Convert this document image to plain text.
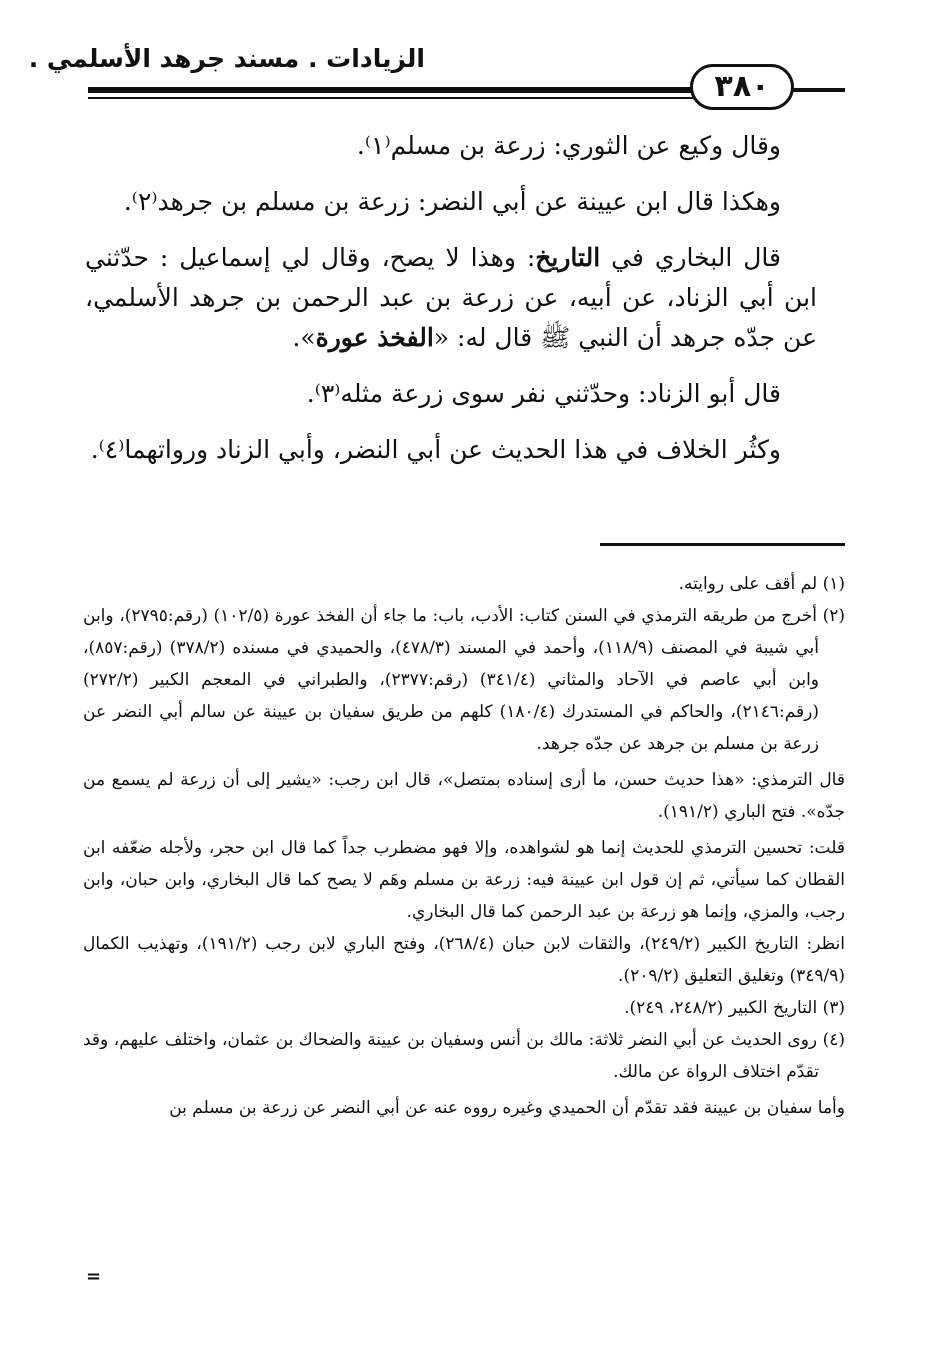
الزيادات . مسند جرهد الأسلمي .
٣٨٠

وقال وكيع عن الثوري: زرعة بن مسلم⁽١⁾.

وهكذا قال ابن عيينة عن أبي النضر: زرعة بن مسلم بن جرهد⁽٢⁾.

قال البخاري في التاريخ: وهذا لا يصح، وقال لي إسماعيل : حدّثني ابن أبي الزناد، عن أبيه، عن زرعة بن عبد الرحمن بن جرهد الأسلمي، عن جدّه جرهد أن النبي ﷺ قال له: «الفخذ عورة».

قال أبو الزناد: وحدّثني نفر سوى زرعة مثله⁽٣⁾.

وكثُر الخلاف في هذا الحديث عن أبي النضر، وأبي الزناد ورواتهما⁽٤⁾.

(١) لم أقف على روايته.

(٢) أخرج من طريقه الترمذي في السنن كتاب: الأدب، باب: ما جاء أن الفخذ عورة (١٠٢/٥) (رقم:٢٧٩٥)، وابن أبي شيبة في المصنف (١١٨/٩)، وأحمد في المسند (٤٧٨/٣)، والحميدي في مسنده (٣٧٨/٢) (رقم:٨٥٧)، وابن أبي عاصم في الآحاد والمثاني (٣٤١/٤) (رقم:٢٣٧٧)، والطبراني في المعجم الكبير (٢٧٢/٢) (رقم:٢١٤٦)، والحاكم في المستدرك (١٨٠/٤) كلهم من طريق سفيان بن عيينة عن سالم أبي النضر عن زرعة بن مسلم بن جرهد عن جدّه جرهد.

قال الترمذي: «هذا حديث حسن، ما أرى إسناده بمتصل»، قال ابن رجب: «يشير إلى أن زرعة لم يسمع من جدّه». فتح الباري (١٩١/٢).

قلت: تحسين الترمذي للحديث إنما هو لشواهده، وإلا فهو مضطرب جداً كما قال ابن حجر، ولأجله ضعّفه ابن القطان كما سيأتي، ثم إن قول ابن عيينة فيه: زرعة بن مسلم وهَم لا يصح كما قال البخاري، وابن حبان، وابن رجب، والمزي، وإنما هو زرعة بن عبد الرحمن كما قال البخاري.

انظر: التاريخ الكبير (٢٤٩/٢)، والثقات لابن حبان (٢٦٨/٤)، وفتح الباري لابن رجب (١٩١/٢)، وتهذيب الكمال (٣٤٩/٩) وتغليق التعليق (٢٠٩/٢).

(٣) التاريخ الكبير (٢٤٨/٢، ٢٤٩).

(٤) روى الحديث عن أبي النضر ثلاثة: مالك بن أنس وسفيان بن عيينة والضحاك بن عثمان، واختلف عليهم، وقد تقدّم اختلاف الرواة عن مالك.

وأما سفيان بن عيينة فقد تقدّم أن الحميدي وغيره رووه عنه عن أبي النضر عن زرعة بن مسلم بن

=
